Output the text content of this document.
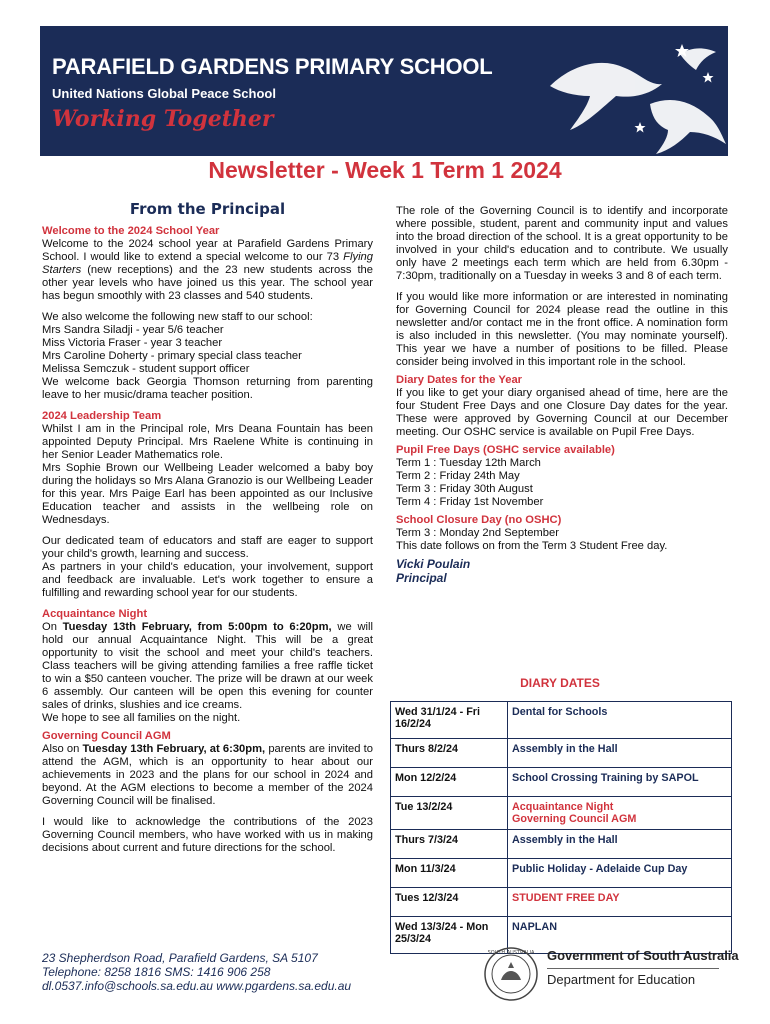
PARAFIELD GARDENS PRIMARY SCHOOL
United Nations Global Peace School
Working Together
Newsletter - Week 1 Term 1 2024
From the Principal
Welcome to the 2024 School Year

Welcome to the 2024 school year at Parafield Gardens Primary School. I would like to extend a special welcome to our 73 Flying Starters (new receptions) and the 23 new students across the other year levels who have joined us this year. The school year has begun smoothly with 23 classes and 540 students.

We also welcome the following new staff to our school:
Mrs Sandra Siladji - year 5/6 teacher
Miss Victoria Fraser - year 3 teacher
Mrs Caroline Doherty - primary special class teacher
Melissa Semczuk - student support officer
We welcome back Georgia Thomson returning from parenting leave to her music/drama teacher position.

2024 Leadership Team

Whilst I am in the Principal role, Mrs Deana Fountain has been appointed Deputy Principal. Mrs Raelene White is continuing in her Senior Leader Mathematics role.

Mrs Sophie Brown our Wellbeing Leader welcomed a baby boy during the holidays so Mrs Alana Granozio is our Wellbeing Leader for this year. Mrs Paige Earl has been appointed as our Inclusive Education teacher and assists in the wellbeing role on Wednesdays.

Our dedicated team of educators and staff are eager to support your child's growth, learning and success.

As partners in your child's education, your involvement, support and feedback are invaluable. Let's work together to ensure a fulfilling and rewarding school year for our students.

Acquaintance Night

On Tuesday 13th February, from 5:00pm to 6:20pm, we will hold our annual Acquaintance Night. This will be a great opportunity to visit the school and meet your child's teachers. Class teachers will be giving attending families a free raffle ticket to win a $50 canteen voucher. The prize will be drawn at our week 6 assembly. Our canteen will be open this evening for counter sales of drinks, slushies and ice creams.
We hope to see all families on the night.

Governing Council AGM

Also on Tuesday 13th February, at 6:30pm, parents are invited to attend the AGM, which is an opportunity to hear about our achievements in 2023 and the plans for our school in 2024 and beyond. At the AGM elections to become a member of the 2024 Governing Council will be finalised.

I would like to acknowledge the contributions of the 2023 Governing Council members, who have worked with us in making decisions about current and future directions for the school.

The role of the Governing Council is to identify and incorporate where possible, student, parent and community input and values into the broad direction of the school. It is a great opportunity to be involved in your child's education and to contribute. We usually only have 2 meetings each term which are held from 6.30pm - 7:30pm, traditionally on a Tuesday in weeks 3 and 8 of each term.

If you would like more information or are interested in nominating for Governing Council for 2024 please read the outline in this newsletter and/or contact me in the front office. A nomination form is also included in this newsletter. (You may nominate yourself). This year we have a number of positions to be filled. Please consider being involved in this important role in the school.

Diary Dates for the Year

If you like to get your diary organised ahead of time, here are the four Student Free Days and one Closure Day dates for the year. These were approved by Governing Council at our December meeting. Our OSHC service is available on Pupil Free Days.

Pupil Free Days (OSHC service available)

Term 1 : Tuesday 12th March
Term 2 : Friday 24th May
Term 3 : Friday 30th August
Term 4 : Friday 1st November

School Closure Day (no OSHC)

Term 3 : Monday 2nd September
This date follows on from the Term 3 Student Free day.

Vicki Poulain
Principal
DIARY DATES
Wed 31/1/24 - Fri 16/2/24	Dental for Schools
Thurs 8/2/24	Assembly in the Hall
Mon 12/2/24	School Crossing Training by SAPOL
Tue 13/2/24	Acquaintance Night
Governing Council AGM
Thurs 7/3/24	Assembly in the Hall
Mon 11/3/24	Public Holiday - Adelaide Cup Day
Tues 12/3/24	STUDENT FREE DAY
Wed 13/3/24 - Mon 25/3/24	NAPLAN
23 Shepherdson Road, Parafield Gardens, SA 5107
Telephone: 8258 1816 SMS: 1416 906 258
dl.0537.info@schools.sa.edu.au www.pgardens.sa.edu.au
SOUTH AUSTRALIA Government of South Australia
Department for Education
